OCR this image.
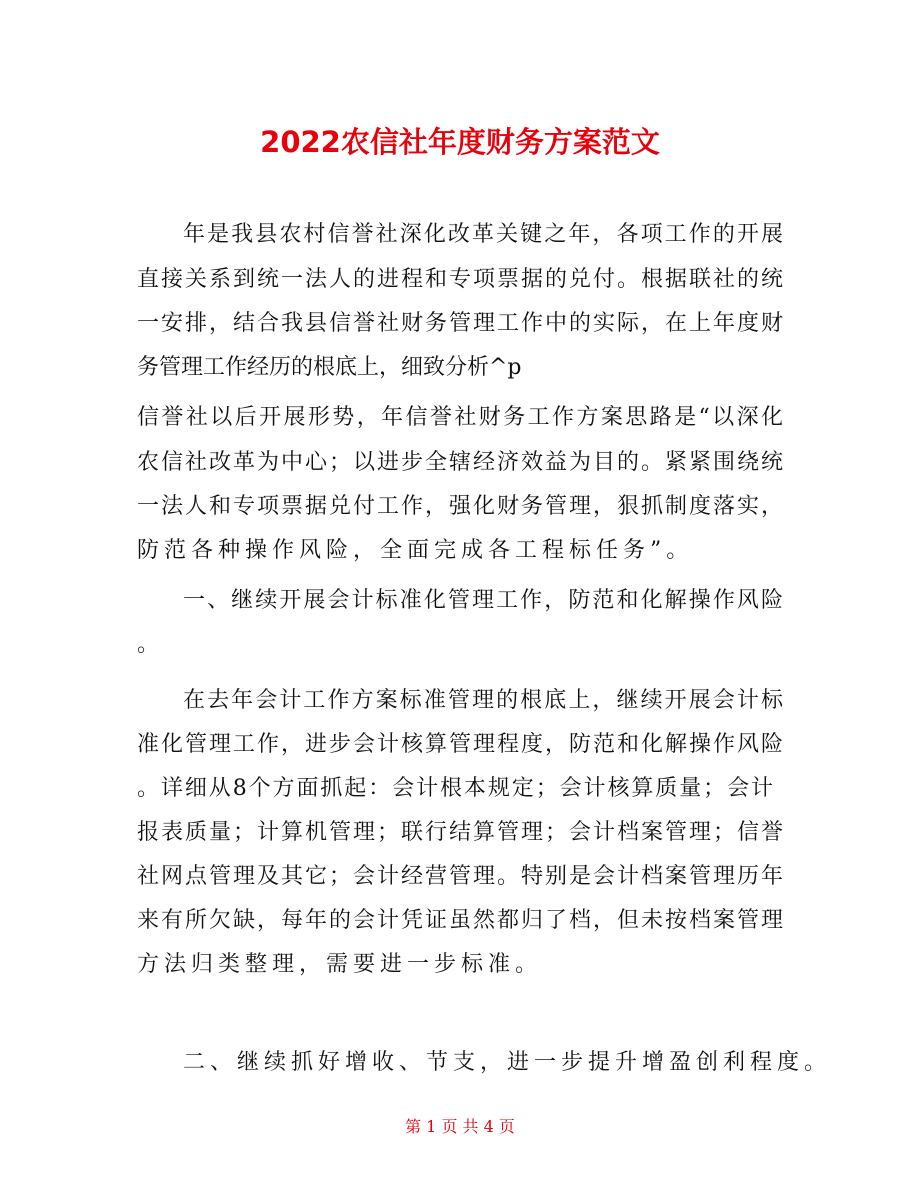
2022农信社年度财务方案范文
年是我县农村信誉社深化改革关键之年，各项工作的开展
直接关系到统一法人的进程和专项票据的兑付。根据联社的统
一安排，结合我县信誉社财务管理工作中的实际，在上年度财
务管理工作经历的根底上，细致分析^p
信誉社以后开展形势，年信誉社财务工作方案思路是“以深化
农信社改革为中心；以进步全辖经济效益为目的。紧紧围绕统
一法人和专项票据兑付工作，强化财务管理，狠抓制度落实，
防范各种操作风险，全面完成各工程标任务”。
一、继续开展会计标准化管理工作，防范和化解操作风险
。
在去年会计工作方案标准管理的根底上，继续开展会计标
准化管理工作，进步会计核算管理程度，防范和化解操作风险
。详细从8个方面抓起：会计根本规定；会计核算质量；会计
报表质量；计算机管理；联行结算管理；会计档案管理；信誉
社网点管理及其它；会计经营管理。特别是会计档案管理历年
来有所欠缺，每年的会计凭证虽然都归了档，但未按档案管理
方法归类整理，需要进一步标准。
二、继续抓好增收、节支，进一步提升增盈创利程度。
第 1 页 共 4 页
